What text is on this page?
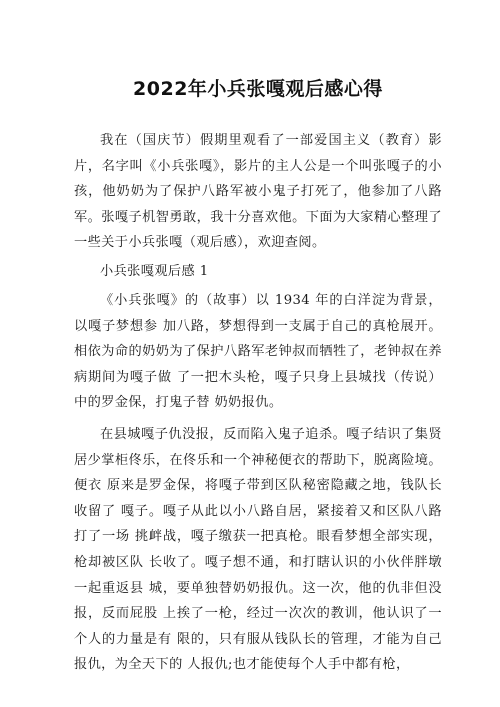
2022年小兵张嘎观后感心得

我在（国庆节）假期里观看了一部爱国主义（教育）影片，名字叫《小兵张嘎》，影片的主人公是一个叫张嘎子的小孩，他奶奶为了保护八路军被小鬼子打死了，他参加了八路军。张嘎子机智勇敢，我十分喜欢他。下面为大家精心整理了一些关于小兵张嘎（观后感），欢迎查阅。

小兵张嘎观后感 1

《小兵张嘎》的（故事）以 1934 年的白洋淀为背景，以嘎子梦想参 加八路，梦想得到一支属于自己的真枪展开。相依为命的奶奶为了保护八路军老钟叔而牺牲了，老钟叔在养病期间为嘎子做 了一把木头枪，嘎子只身上县城找（传说）中的罗金保，打鬼子替 奶奶报仇。

在县城嘎子仇没报，反而陷入鬼子追杀。嘎子结识了集贤居少掌柜佟乐，在佟乐和一个神秘便衣的帮助下，脱离险境。便衣 原来是罗金保，将嘎子带到区队秘密隐藏之地，钱队长收留了 嘎子。嘎子从此以小八路自居，紧接着又和区队八路打了一场 挑衅战，嘎子缴获一把真枪。眼看梦想全部实现，枪却被区队 长收了。嘎子想不通，和打瞎认识的小伙伴胖墩一起重返县 城，要单独替奶奶报仇。这一次，他的仇非但没报，反而屁股 上挨了一枪，经过一次次的教训，他认识了一个人的力量是有 限的，只有服从钱队长的管理，才能为自己报仇，为全天下的 人报仇;也才能使每个人手中都有枪，
